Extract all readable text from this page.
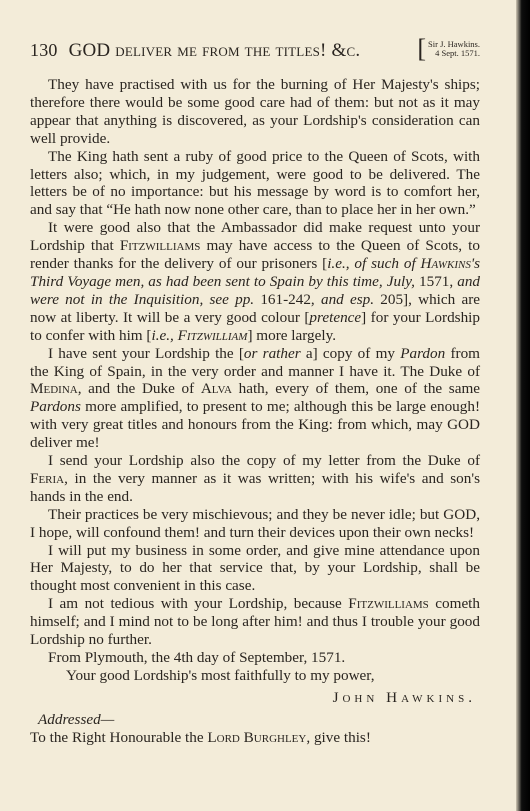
130 GOD deliver me from the titles! &c. [ Sir J. Hawkins.
4 Sept. 1571.

They have practised with us for the burning of Her Majesty's ships; therefore there would be some good care had of them: but not as it may appear that anything is discovered, as your Lordship's consideration can well provide.

The King hath sent a ruby of good price to the Queen of Scots, with letters also; which, in my judgement, were good to be delivered. The letters be of no importance: but his message by word is to comfort her, and say that “He hath now none other care, than to place her in her own.”

It were good also that the Ambassador did make request unto your Lordship that Fitzwilliams may have access to the Queen of Scots, to render thanks for the delivery of our prisoners [i.e., of such of Hawkins's Third Voyage men, as had been sent to Spain by this time, July, 1571, and were not in the Inquisition, see pp. 161-242, and esp. 205], which are now at liberty. It will be a very good colour [pretence] for your Lordship to confer with him [i.e., Fitzwilliam] more largely.

I have sent your Lordship the [or rather a] copy of my Pardon from the King of Spain, in the very order and manner I have it. The Duke of Medina, and the Duke of Alva hath, every of them, one of the same Pardons more amplified, to present to me; although this be large enough! with very great titles and honours from the King: from which, may GOD deliver me!

I send your Lordship also the copy of my letter from the Duke of Feria, in the very manner as it was written; with his wife's and son's hands in the end.

Their practices be very mischievous; and they be never idle; but GOD, I hope, will confound them! and turn their devices upon their own necks!

I will put my business in some order, and give mine attendance upon Her Majesty, to do her that service that, by your Lordship, shall be thought most convenient in this case.

I am not tedious with your Lordship, because Fitzwilliams cometh himself; and I mind not to be long after him! and thus I trouble your good Lordship no further.

From Plymouth, the 4th day of September, 1571.

Your good Lordship's most faithfully to my power,
John Hawkins.
Addressed—
To the Right Honourable the Lord Burghley, give this!
